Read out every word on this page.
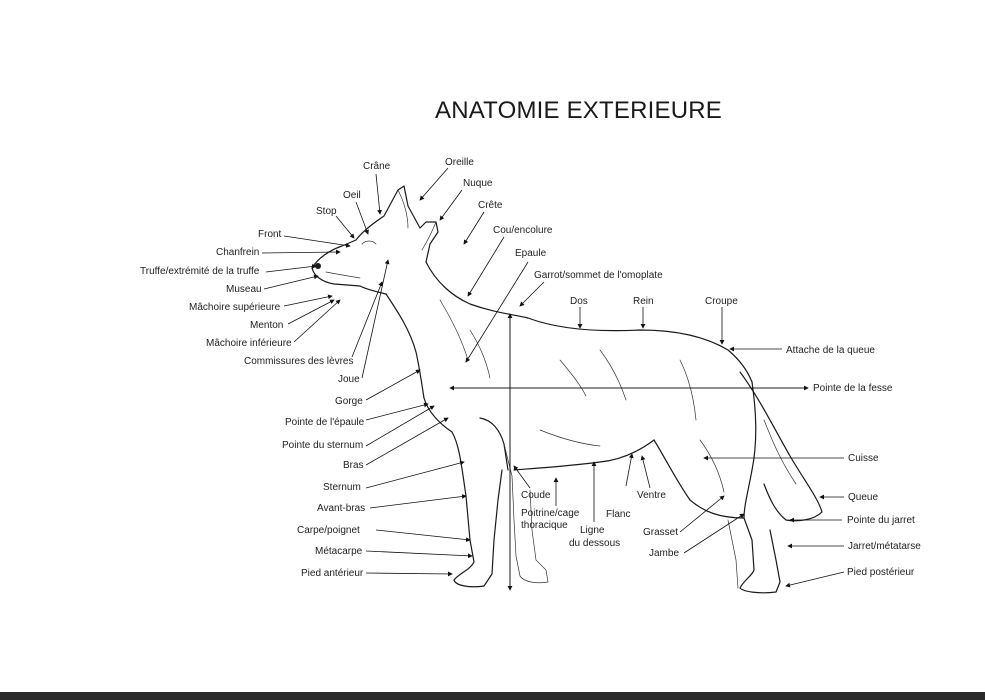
ANATOMIE EXTERIEURE
Crâne	Oreille
Nuque
Oeil
Stop
Crête
Front	Cou/encolure
Chanfrein	Epaule
Truffe/extrémité de la truffe	Garrot/sommet de l'omoplate
Museau
Mâchoire supérieure
Dos	Rein	Croupe
Menton
Mâchoire inférieure
Attache de la queue
Commissures des lèvres
Joue
Pointe de la fesse
Gorge
Pointe de l'épaule
Pointe du sternum
Cuisse
Bras
Sternum
Coude	Ventre	Queue
Avant-bras	Poitrine/cage
thoracique
Flanc
Pointe du jarret
Carpe/poignet	Ligne
du dessous
Grasset
Jarret/métatarse
Métacarpe	Jambe
Pied antérieur	Pied postérieur
